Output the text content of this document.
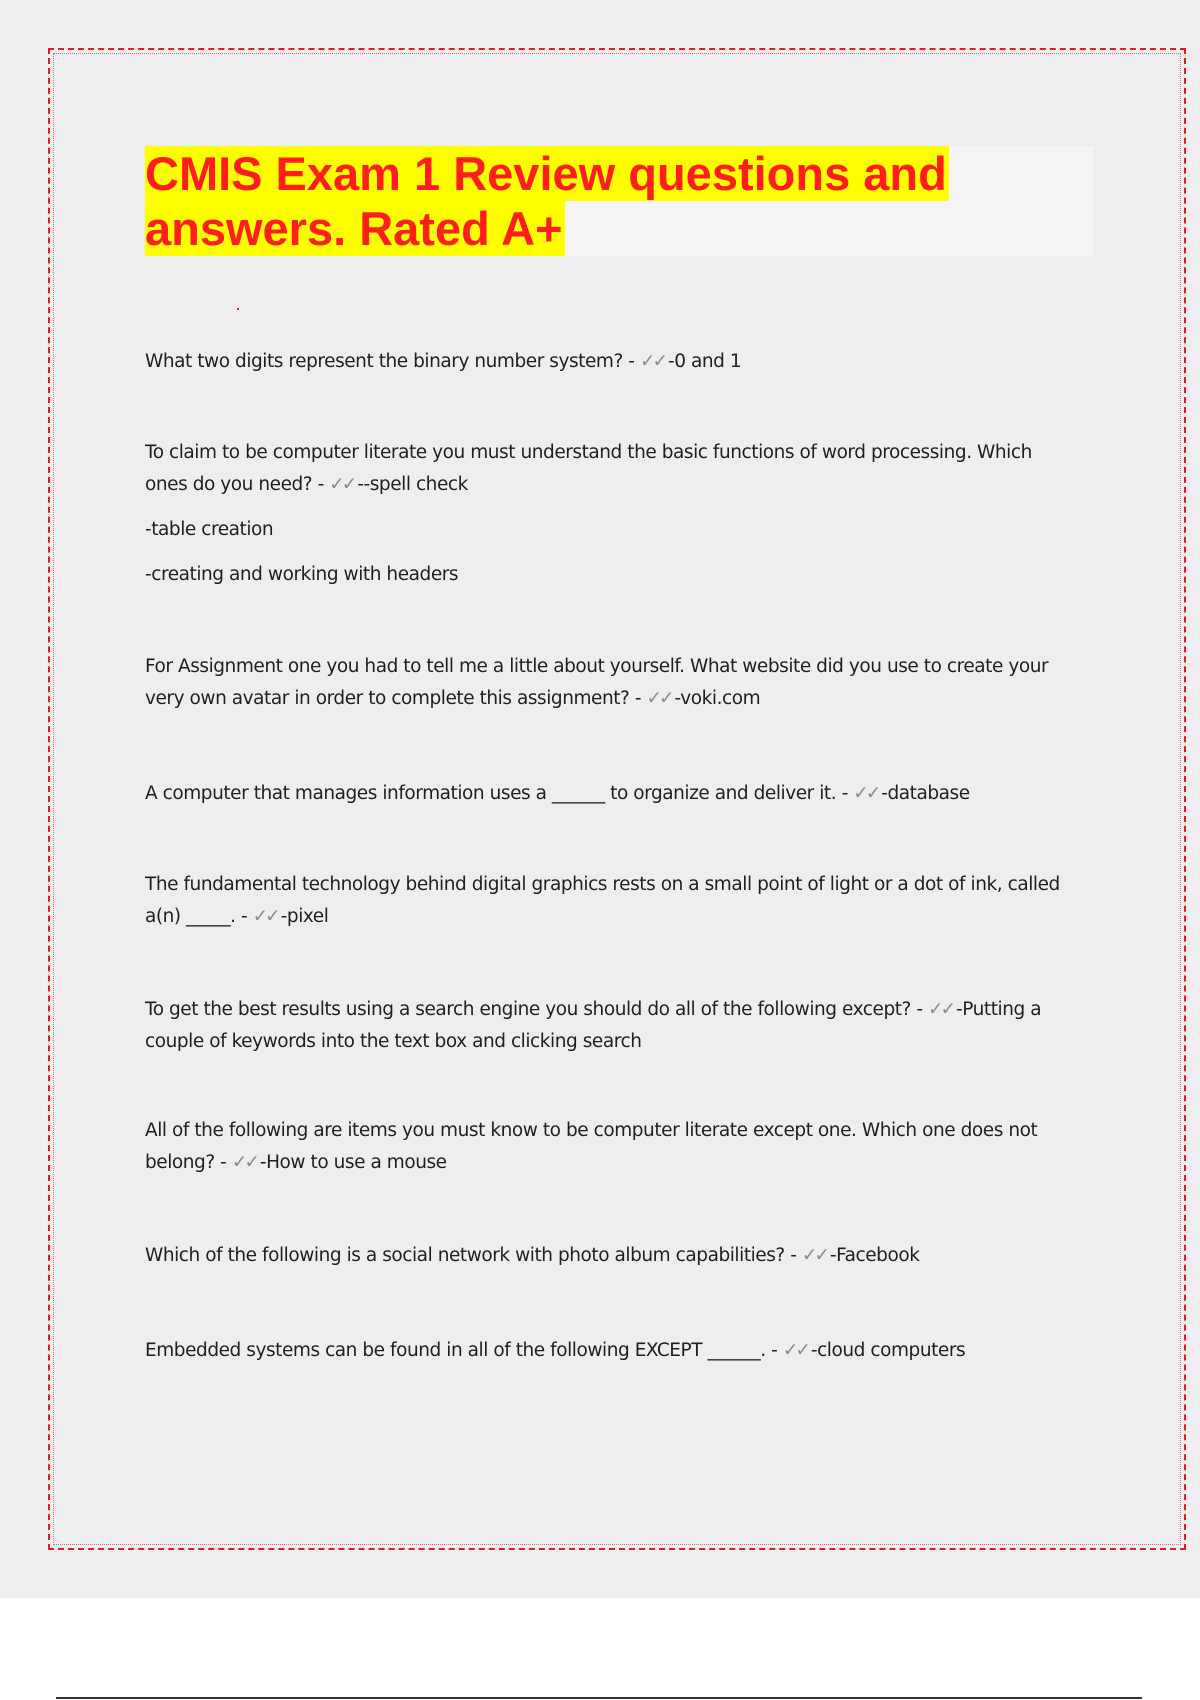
CMIS Exam 1 Review questions and
answers. Rated A+
What two digits represent the binary number system? - ✓✓ -0 and 1
To claim to be computer literate you must understand the basic functions of word processing. Which
ones do you need? - ✓✓ --spell check
-table creation
-creating and working with headers
For Assignment one you had to tell me a little about yourself. What website did you use to create your
very own avatar in order to complete this assignment? - ✓✓ -voki.com
A computer that manages information uses a ______ to organize and deliver it. - ✓✓ -database
The fundamental technology behind digital graphics rests on a small point of light or a dot of ink, called
a(n) _____. - ✓✓ -pixel
To get the best results using a search engine you should do all of the following except? - ✓✓ -Putting a
couple of keywords into the text box and clicking search
All of the following are items you must know to be computer literate except one. Which one does not
belong? - ✓✓ -How to use a mouse
Which of the following is a social network with photo album capabilities? - ✓✓ -Facebook
Embedded systems can be found in all of the following EXCEPT ______. - ✓✓ -cloud computers
